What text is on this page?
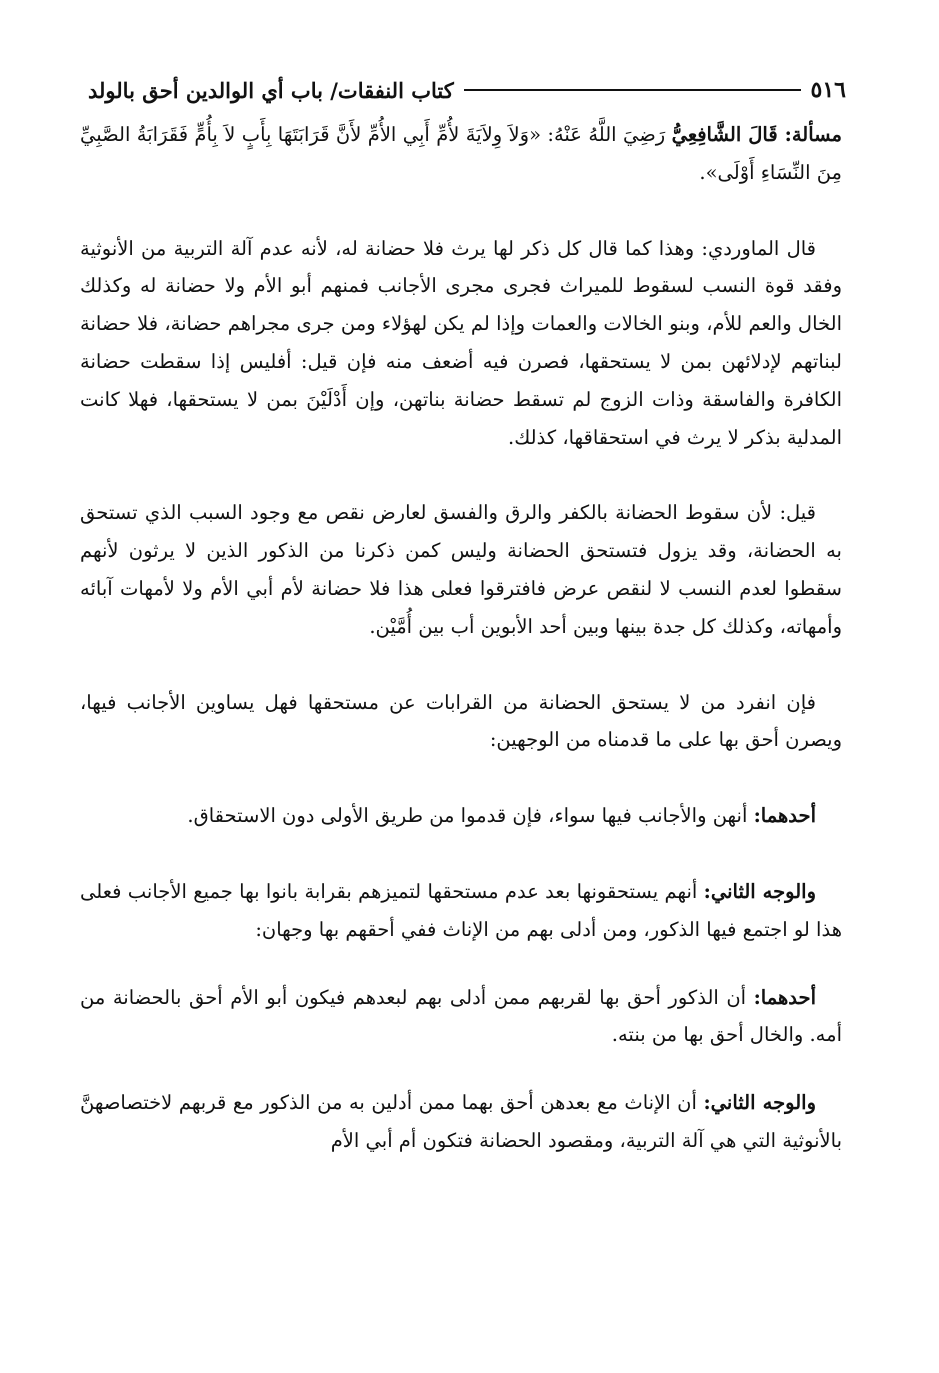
٥١٦
كتاب النفقات/ باب أي الوالدين أحق بالولد

مسألة: قَالَ الشَّافِعِيُّ رَضِيَ اللَّهُ عَنْهُ: «وَلاَ وِلاَيَةَ لأُمِّ أَبِي الأُمِّ لأَنَّ قَرَابَتَهَا بِأَبٍ لاَ بِأُمٍّ فَقَرَابَةُ الصَّبِيِّ مِنَ النِّسَاءِ أَوْلَى».

قال الماوردي: وهذا كما قال كل ذكر لها يرث فلا حضانة له، لأنه عدم آلة التربية من الأنوثية وفقد قوة النسب لسقوط للميراث فجرى مجرى الأجانب فمنهم أبو الأم ولا حضانة له وكذلك الخال والعم للأم، وبنو الخالات والعمات وإذا لم يكن لهؤلاء ومن جرى مجراهم حضانة، فلا حضانة لبناتهم لإدلائهن بمن لا يستحقها، فصرن فيه أضعف منه فإن قيل: أفليس إذا سقطت حضانة الكافرة والفاسقة وذات الزوج لم تسقط حضانة بناتهن، وإن أَدْلَيْنَ بمن لا يستحقها، فهلا كانت المدلية بذكر لا يرث في استحقاقها، كذلك.

قيل: لأن سقوط الحضانة بالكفر والرق والفسق لعارض نقص مع وجود السبب الذي تستحق به الحضانة، وقد يزول فتستحق الحضانة وليس كمن ذكرنا من الذكور الذين لا يرثون لأنهم سقطوا لعدم النسب لا لنقص عرض فافترقوا فعلى هذا فلا حضانة لأم أبي الأم ولا لأمهات آبائه وأمهاته، وكذلك كل جدة بينها وبين أحد الأبوين أب بين أُمَّيْن.

فإن انفرد من لا يستحق الحضانة من القرابات عن مستحقها فهل يساوين الأجانب فيها، ويصرن أحق بها على ما قدمناه من الوجهين:

أحدهما: أنهن والأجانب فيها سواء، فإن قدموا من طريق الأولى دون الاستحقاق.

والوجه الثاني: أنهم يستحقونها بعد عدم مستحقها لتميزهم بقرابة بانوا بها جميع الأجانب فعلى هذا لو اجتمع فيها الذكور، ومن أدلى بهم من الإناث ففي أحقهم بها وجهان:

أحدهما: أن الذكور أحق بها لقربهم ممن أدلى بهم لبعدهم فيكون أبو الأم أحق بالحضانة من أمه. والخال أحق بها من بنته.

والوجه الثاني: أن الإناث مع بعدهن أحق بهما ممن أدلين به من الذكور مع قربهم لاختصاصهنَّ بالأنوثية التي هي آلة التربية، ومقصود الحضانة فتكون أم أبي الأم
